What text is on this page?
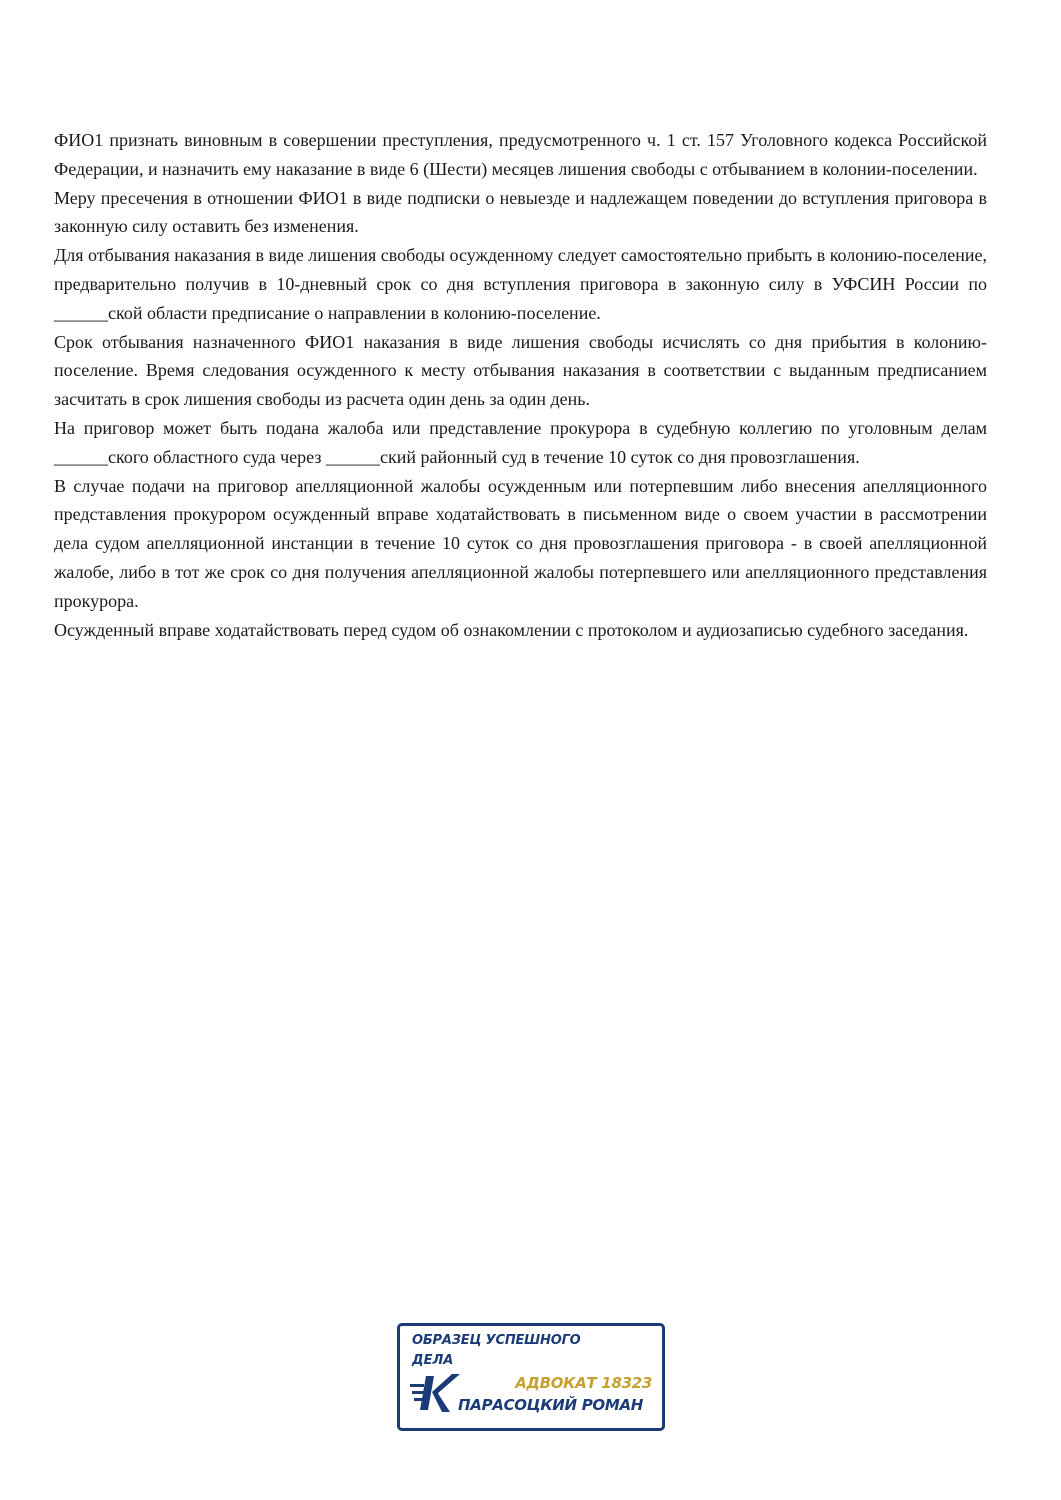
ФИО1 признать виновным в совершении преступления, предусмотренного ч. 1 ст. 157 Уголовного кодекса Российской Федерации, и назначить ему наказание в виде 6 (Шести) месяцев лишения свободы с отбыванием в колонии-поселении.

Меру пресечения в отношении ФИО1 в виде подписки о невыезде и надлежащем поведении до вступления приговора в законную силу оставить без изменения.

Для отбывания наказания в виде лишения свободы осужденному следует самостоятельно прибыть в колонию-поселение, предварительно получив в 10-дневный срок со дня вступления приговора в законную силу в УФСИН России по ______ской области предписание о направлении в колонию-поселение.

Срок отбывания назначенного ФИО1 наказания в виде лишения свободы исчислять со дня прибытия в колонию-поселение. Время следования осужденного к месту отбывания наказания в соответствии с выданным предписанием засчитать в срок лишения свободы из расчета один день за один день.

На приговор может быть подана жалоба или представление прокурора в судебную коллегию по уголовным делам ______ского областного суда через ______ский районный суд в течение 10 суток со дня провозглашения.

В случае подачи на приговор апелляционной жалобы осужденным или потерпевшим либо внесения апелляционного представления прокурором осужденный вправе ходатайствовать в письменном виде о своем участии в рассмотрении дела судом апелляционной инстанции в течение 10 суток со дня провозглашения приговора - в своей апелляционной жалобе, либо в тот же срок со дня получения апелляционной жалобы потерпевшего или апелляционного представления прокурора.

Осужденный вправе ходатайствовать перед судом об ознакомлении с протоколом и аудиозаписью судебного заседания.

ОБРАЗЕЦ УСПЕШНОГО
ДЕЛА
АДВОКАТ 18323
ПАРАСОЦКИЙ РОМАН
